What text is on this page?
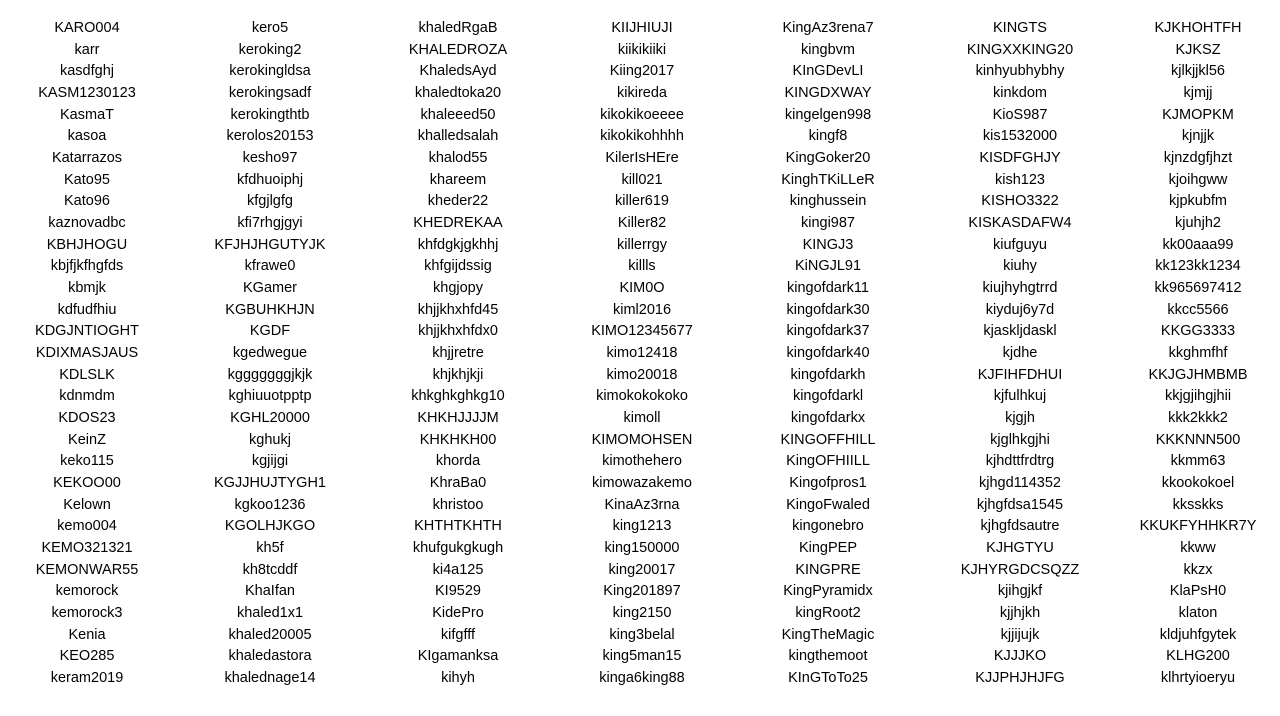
KARO004
karr
kasdfghj
KASM1230123
KasmaT
kasoa
Katarrazos
Kato95
Kato96
kaznovadbc
KBHJHOGU
kbjfjkfhgfds
kbmjk
kdfudfhiu
KDGJNTIOGHT
KDIXMASJAUS
KDLSLK
kdnmdm
KDOS23
KeinZ
keko115
KEKOO00
Kelown
kemo004
KEMO321321
KEMONWAR55
kemorock
kemorock3
Kenia
KEO285
keram2019
kero5
keroking2
kerokingldsa
kerokingsadf
kerokingthtb
kerolos20153
kesho97
kfdhuoiphj
kfgjlgfg
kfi7rhgjgyi
KFJHJHGUTYJK
kfrawe0
KGamer
KGBUHKHJN
KGDF
kgedwegue
kgggggggjkjk
kghiuuotpptp
KGHL20000
kghukj
kgjijgi
KGJJHUJTYGH1
kgkoo1236
KGOLHJKGO
kh5f
kh8tcddf
KhaIfan
khaled1x1
khaled20005
khaledastora
khalednage14
khaledRgaB
KHALEDROZA
KhaledsAyd
khaledtoka20
khaleeed50
khalledsalah
khalod55
khareem
kheder22
KHEDREKAA
khfdgkjgkhhj
khfgijdssig
khgjopy
khjjkhxhfd45
khjjkhxhfdx0
khjjretre
khjkhjkji
khkghkghkg10
KHKHJJJJM
KHKHKH00
khorda
KhraBa0
khristoo
KHTHTKHTH
khufgukgkugh
ki4a125
KI9529
KidePro
kifgfff
KIgamanksa
kihyh
KIIJHIUJI
kiikikiiki
Kiing2017
kikireda
kikokikoeeee
kikokikohhhh
KilerIsHEre
kill021
killer619
Killer82
killerrgy
killls
KIM0O
kiml2016
KIMO12345677
kimo12418
kimo20018
kimokokokoko
kimoll
KIMOMOHSEN
kimothehero
kimowazakemo
KinaAz3rna
king1213
king150000
king20017
King201897
king2150
king3belal
king5man15
kinga6king88
KingAz3rena7
kingbvm
KInGDevLI
KINGDXWAY
kingelgen998
kingf8
KingGoker20
KinghTKiLLeR
kinghussein
kingi987
KINGJ3
KiNGJL91
kingofdark11
kingofdark30
kingofdark37
kingofdark40
kingofdarkh
kingofdarkl
kingofdarkx
KINGOFFHILL
KingOFHIILL
Kingofpros1
KingoFwaled
kingonebro
KingPEP
KINGPRE
KingPyramidx
kingRoot2
KingTheMagic
kingthemoot
KInGToTo25
KINGTS
KINGXXKING20
kinhyubhybhy
kinkdom
KioS987
kis1532000
KISDFGHJY
kish123
KISHO3322
KISKASDAFW4
kiufguyu
kiuhy
kiujhyhgtrrd
kiyduj6y7d
kjaskljdaskl
kjdhe
KJFIHFDHUI
kjfulhkuj
kjgjh
kjglhkgjhi
kjhdttfrdtrg
kjhgd114352
kjhgfdsa1545
kjhgfdsautre
KJHGTYU
KJHYRGDCSQZZ
kjihgjkf
kjjhjkh
kjjijujk
KJJJKO
KJJPHJHJFG
KJKHOHTFH
KJKSZ
kjlkjjkl56
kjmjj
KJMOPKM
kjnjjk
kjnzdgfjhzt
kjoihgww
kjpkubfm
kjuhjh2
kk00aaa99
kk123kk1234
kk965697412
kkcc5566
KKGG3333
kkghmfhf
KKJGJHMBMB
kkjgjihgjhii
kkk2kkk2
KKKNNN500
kkmm63
kkookokoel
kksskks
KKUKFYHHKR7Y
kkww
kkzx
KlaPsH0
klaton
kldjuhfgytek
KLHG200
klhrtyioeryu
